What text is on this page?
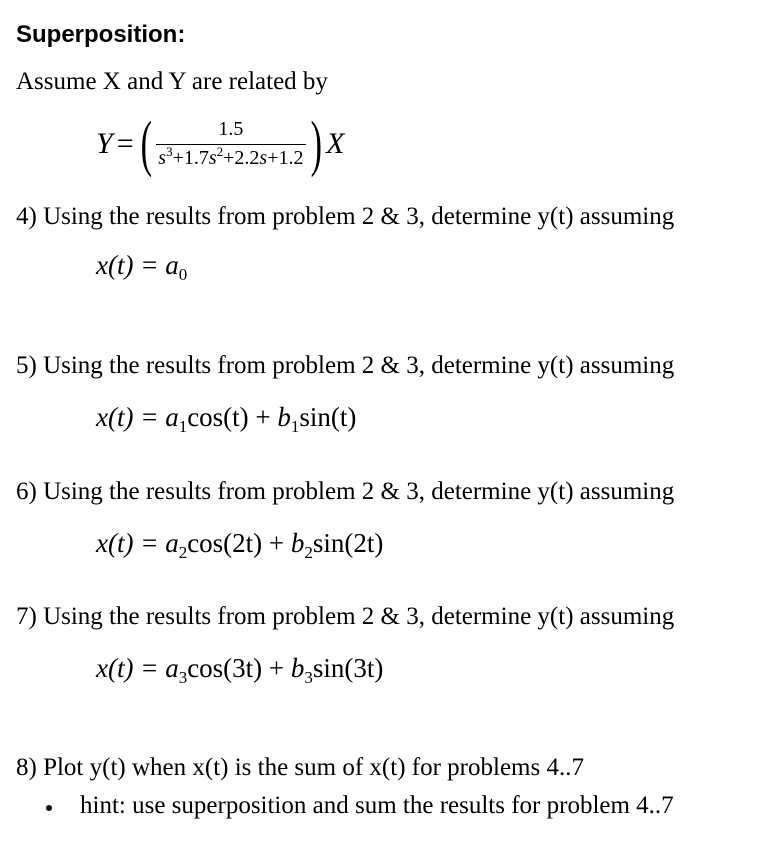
Superposition:
Assume X and Y are related by
Y = ( $\frac{1.5}{s^3+1.7s^2+2.2s+1.2}$ ) X
4) Using the results from problem 2 & 3, determine y(t) assuming
$x(t) = a_0$
5) Using the results from problem 2 & 3, determine y(t) assuming
$x(t) = a_1\cos(t) + b_1\sin(t)$
6) Using the results from problem 2 & 3, determine y(t) assuming
$x(t) = a_2\cos(2t) + b_2\sin(2t)$
7) Using the results from problem 2 & 3, determine y(t) assuming
$x(t) = a_3\cos(3t) + b_3\sin(3t)$
8) Plot y(t) when x(t) is the sum of x(t) for problems 4..7
hint: use superposition and sum the results for problem 4..7
